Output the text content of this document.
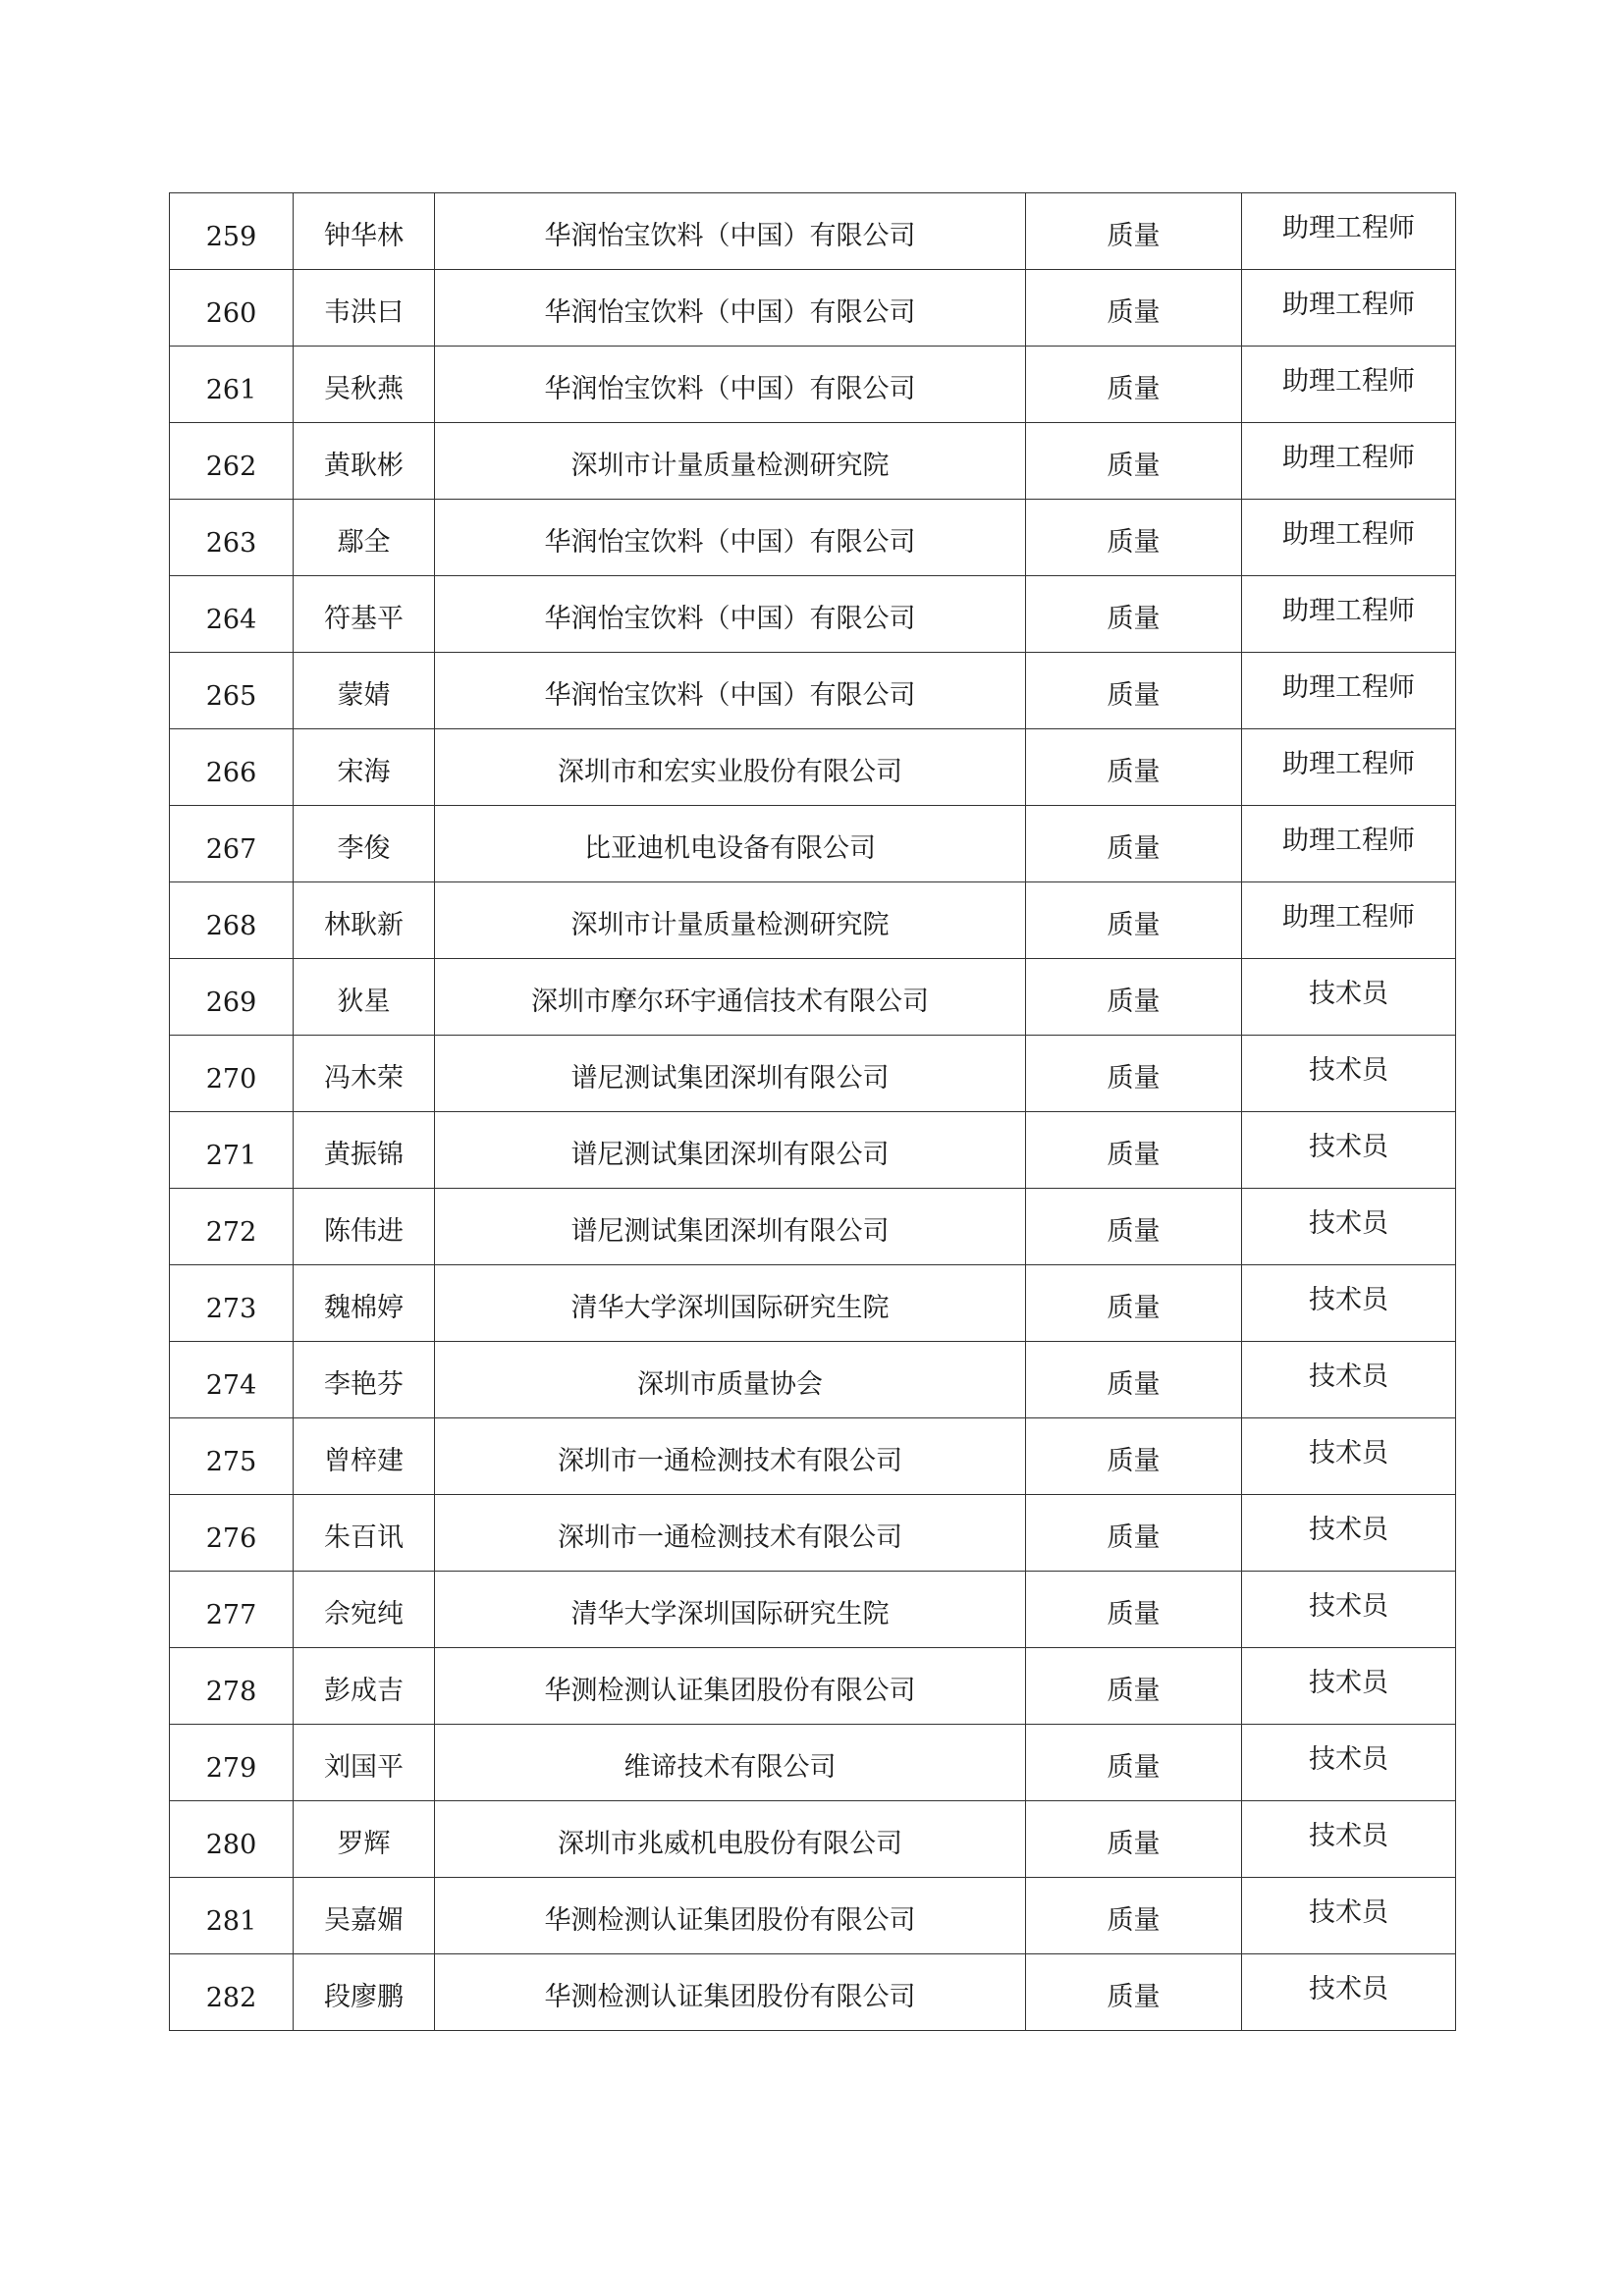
259	钟华林	华润怡宝饮料（中国）有限公司	质量	助理工程师
260	韦洪曰	华润怡宝饮料（中国）有限公司	质量	助理工程师
261	吴秋燕	华润怡宝饮料（中国）有限公司	质量	助理工程师
262	黄耿彬	深圳市计量质量检测研究院	质量	助理工程师
263	鄢全	华润怡宝饮料（中国）有限公司	质量	助理工程师
264	符基平	华润怡宝饮料（中国）有限公司	质量	助理工程师
265	蒙婧	华润怡宝饮料（中国）有限公司	质量	助理工程师
266	宋海	深圳市和宏实业股份有限公司	质量	助理工程师
267	李俊	比亚迪机电设备有限公司	质量	助理工程师
268	林耿新	深圳市计量质量检测研究院	质量	助理工程师
269	狄星	深圳市摩尔环宇通信技术有限公司	质量	技术员
270	冯木荣	谱尼测试集团深圳有限公司	质量	技术员
271	黄振锦	谱尼测试集团深圳有限公司	质量	技术员
272	陈伟进	谱尼测试集团深圳有限公司	质量	技术员
273	魏棉婷	清华大学深圳国际研究生院	质量	技术员
274	李艳芬	深圳市质量协会	质量	技术员
275	曾梓建	深圳市一通检测技术有限公司	质量	技术员
276	朱百讯	深圳市一通检测技术有限公司	质量	技术员
277	佘宛纯	清华大学深圳国际研究生院	质量	技术员
278	彭成吉	华测检测认证集团股份有限公司	质量	技术员
279	刘国平	维谛技术有限公司	质量	技术员
280	罗辉	深圳市兆威机电股份有限公司	质量	技术员
281	吴嘉媚	华测检测认证集团股份有限公司	质量	技术员
282	段廖鹏	华测检测认证集团股份有限公司	质量	技术员
